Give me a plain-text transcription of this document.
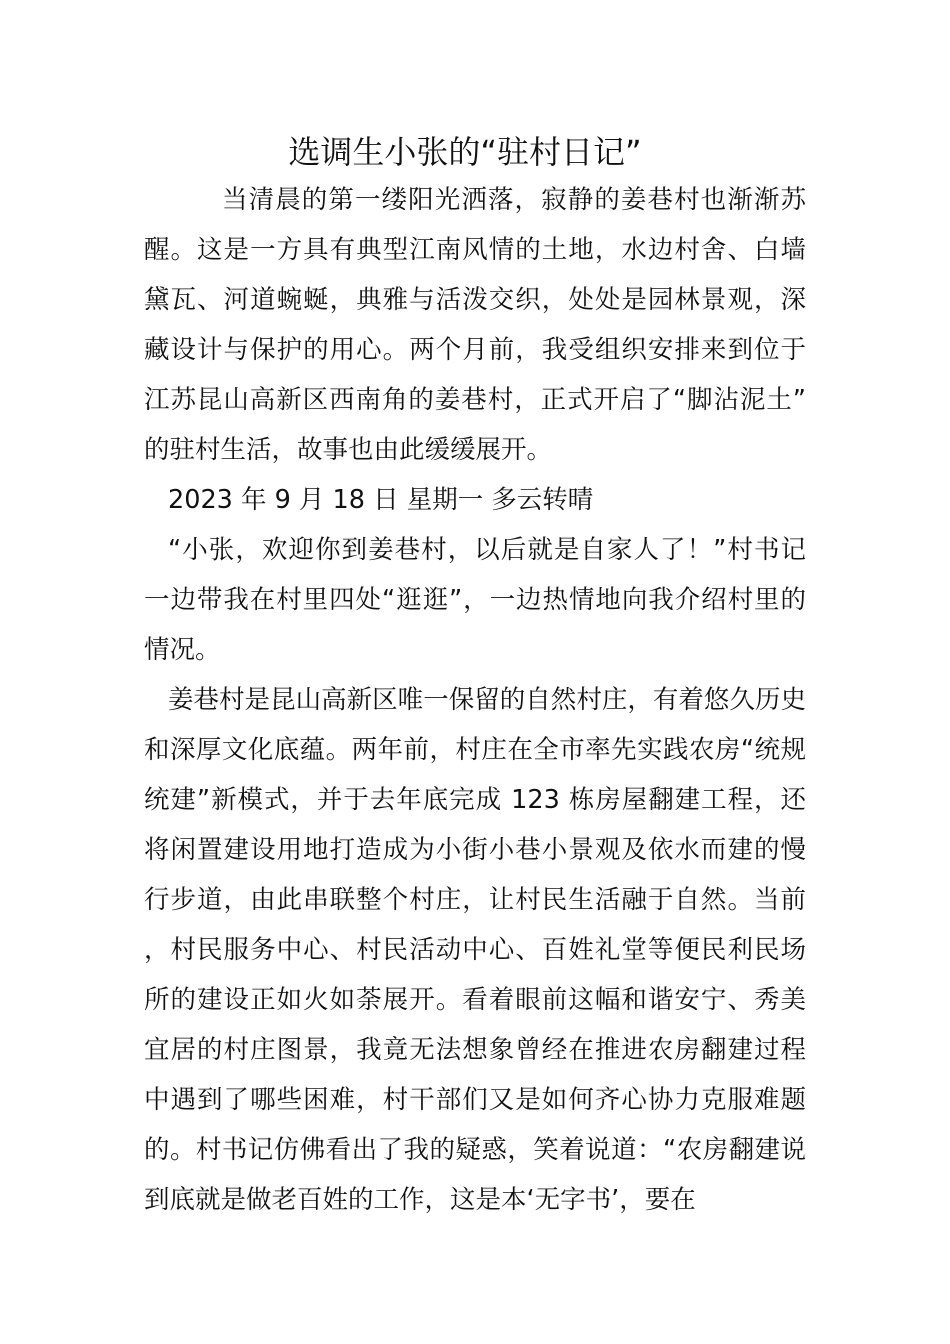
选调生小张的“驻村日记”

当清晨的第一缕阳光洒落，寂静的姜巷村也渐渐苏醒。这是一方具有典型江南风情的土地，水边村舍、白墙黛瓦、河道蜿蜒，典雅与活泼交织，处处是园林景观，深藏设计与保护的用心。两个月前，我受组织安排来到位于江苏昆山高新区西南角的姜巷村，正式开启了“脚沾泥土”的驻村生活，故事也由此缓缓展开。

2023 年 9 月 18 日 星期一 多云转晴

“小张，欢迎你到姜巷村，以后就是自家人了！”村书记一边带我在村里四处“逛逛”，一边热情地向我介绍村里的情况。

姜巷村是昆山高新区唯一保留的自然村庄，有着悠久历史和深厚文化底蕴。两年前，村庄在全市率先实践农房“统规统建”新模式，并于去年底完成 123 栋房屋翻建工程，还将闲置建设用地打造成为小街小巷小景观及依水而建的慢行步道，由此串联整个村庄，让村民生活融于自然。当前，村民服务中心、村民活动中心、百姓礼堂等便民利民场所的建设正如火如荼展开。看着眼前这幅和谐安宁、秀美宜居的村庄图景，我竟无法想象曾经在推进农房翻建过程中遇到了哪些困难，村干部们又是如何齐心协力克服难题的。村书记仿佛看出了我的疑惑，笑着说道：“农房翻建说到底就是做老百姓的工作，这是本‘无字书’，要在
